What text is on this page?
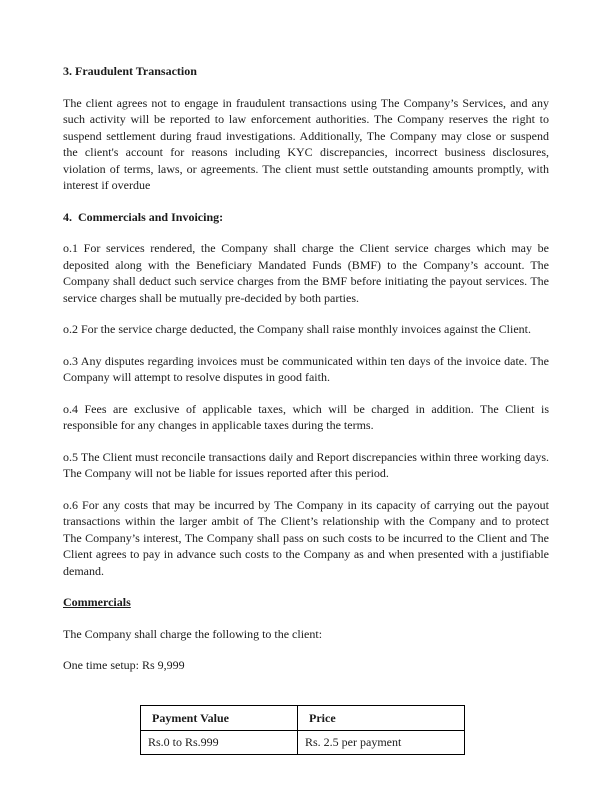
3. Fraudulent Transaction

The client agrees not to engage in fraudulent transactions using The Company’s Services, and any such activity will be reported to law enforcement authorities. The Company reserves the right to suspend settlement during fraud investigations. Additionally, The Company may close or suspend the client's account for reasons including KYC discrepancies, incorrect business disclosures, violation of terms, laws, or agreements. The client must settle outstanding amounts promptly, with interest if overdue

4.  Commercials and Invoicing:

o.1 For services rendered, the Company shall charge the Client service charges which may be deposited along with the Beneficiary Mandated Funds (BMF) to the Company’s account. The Company shall deduct such service charges from the BMF before initiating the payout services. The service charges shall be mutually pre-decided by both parties.

o.2 For the service charge deducted, the Company shall raise monthly invoices against the Client.

o.3 Any disputes regarding invoices must be communicated within ten days of the invoice date. The Company will attempt to resolve disputes in good faith.

o.4 Fees are exclusive of applicable taxes, which will be charged in addition. The Client is responsible for any changes in applicable taxes during the terms.

o.5 The Client must reconcile transactions daily and Report discrepancies within three working days. The Company will not be liable for issues reported after this period.

o.6 For any costs that may be incurred by The Company in its capacity of carrying out the payout transactions within the larger ambit of The Client’s relationship with the Company and to protect The Company’s interest, The Company shall pass on such costs to be incurred to the Client and The Client agrees to pay in advance such costs to the Company as and when presented with a justifiable demand.

Commercials

The Company shall charge the following to the client:

One time setup: Rs 9,999

Payment Value	Price
Rs.0 to Rs.999	Rs. 2.5 per payment
